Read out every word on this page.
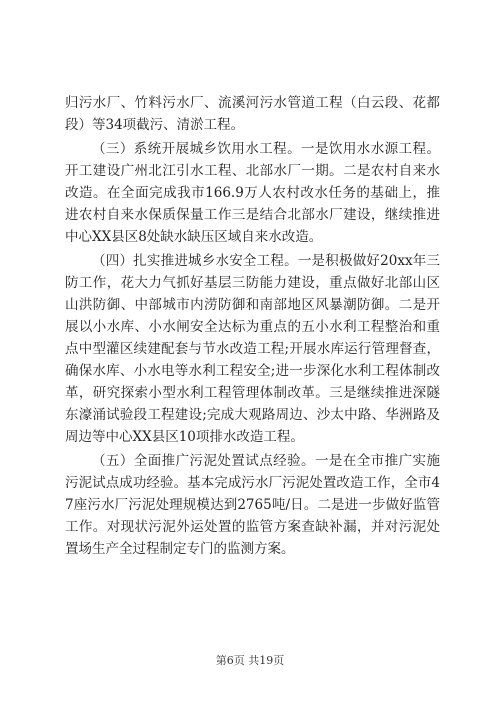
归污水厂、竹料污水厂、流溪河污水管道工程（白云段、花都段）等34项截污、清淤工程。

（三）系统开展城乡饮用水工程。一是饮用水水源工程。开工建设广州北江引水工程、北部水厂一期。二是农村自来水改造。在全面完成我市166.9万人农村改水任务的基础上，推进农村自来水保质保量工作三是结合北部水厂建设，继续推进中心XX县区8处缺水缺压区域自来水改造。

（四）扎实推进城乡水安全工程。一是积极做好20xx年三防工作，花大力气抓好基层三防能力建设，重点做好北部山区山洪防御、中部城市内涝防御和南部地区风暴潮防御。二是开展以小水库、小水闸安全达标为重点的五小水利工程整治和重点中型灌区续建配套与节水改造工程;开展水库运行管理督查，确保水库、小水电等水利工程安全;进一步深化水利工程体制改革，研究探索小型水利工程管理体制改革。三是继续推进深隧东濠涌试验段工程建设;完成大观路周边、沙太中路、华洲路及周边等中心XX县区10项排水改造工程。

（五）全面推广污泥处置试点经验。一是在全市推广实施污泥试点成功经验。基本完成污水厂污泥处置改造工作，全市47座污水厂污泥处理规模达到2765吨/日。二是进一步做好监管工作。对现状污泥外运处置的监管方案查缺补漏，并对污泥处置场生产全过程制定专门的监测方案。

第6页 共19页
